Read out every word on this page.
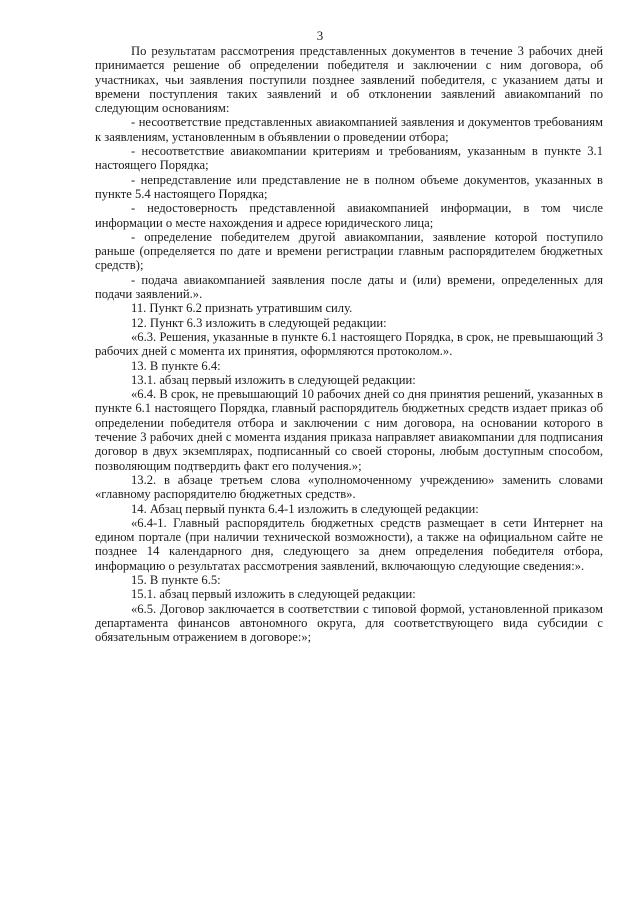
3

По результатам рассмотрения представленных документов в течение 3 рабочих дней принимается решение об определении победителя и заключении с ним договора, об участниках, чьи заявления поступили позднее заявлений победителя, с указанием даты и времени поступления таких заявлений и об отклонении заявлений авиакомпаний по следующим основаниям:

- несоответствие представленных авиакомпанией заявления и документов требованиям к заявлениям, установленным в объявлении о проведении отбора;

- несоответствие авиакомпании критериям и требованиям, указанным в пункте 3.1 настоящего Порядка;

- непредставление или представление не в полном объеме документов, указанных в пункте 5.4 настоящего Порядка;

- недостоверность представленной авиакомпанией информации, в том числе информации о месте нахождения и адресе юридического лица;

- определение победителем другой авиакомпании, заявление которой поступило раньше (определяется по дате и времени регистрации главным распорядителем бюджетных средств);

- подача авиакомпанией заявления после даты и (или) времени, определенных для подачи заявлений.».

11. Пункт 6.2 признать утратившим силу.

12. Пункт 6.3 изложить в следующей редакции:

«6.3. Решения, указанные в пункте 6.1 настоящего Порядка, в срок, не превышающий 3 рабочих дней с момента их принятия, оформляются протоколом.».

13. В пункте 6.4:

13.1. абзац первый изложить в следующей редакции:

«6.4. В срок, не превышающий 10 рабочих дней со дня принятия решений, указанных в пункте 6.1 настоящего Порядка, главный распорядитель бюджетных средств издает приказ об определении победителя отбора и заключении с ним договора, на основании которого в течение 3 рабочих дней с момента издания приказа направляет авиакомпании для подписания договор в двух экземплярах, подписанный со своей стороны, любым доступным способом, позволяющим подтвердить факт его получения.»;

13.2. в абзаце третьем слова «уполномоченному учреждению» заменить словами «главному распорядителю бюджетных средств».

14. Абзац первый пункта 6.4-1 изложить в следующей редакции:

«6.4-1. Главный распорядитель бюджетных средств размещает в сети Интернет на едином портале (при наличии технической возможности), а также на официальном сайте не позднее 14 календарного дня, следующего за днем определения победителя отбора, информацию о результатах рассмотрения заявлений, включающую следующие сведения:».

15. В пункте 6.5:

15.1. абзац первый изложить в следующей редакции:

«6.5. Договор заключается в соответствии с типовой формой, установленной приказом департамента финансов автономного округа, для соответствующего вида субсидии с обязательным отражением в договоре:»;
